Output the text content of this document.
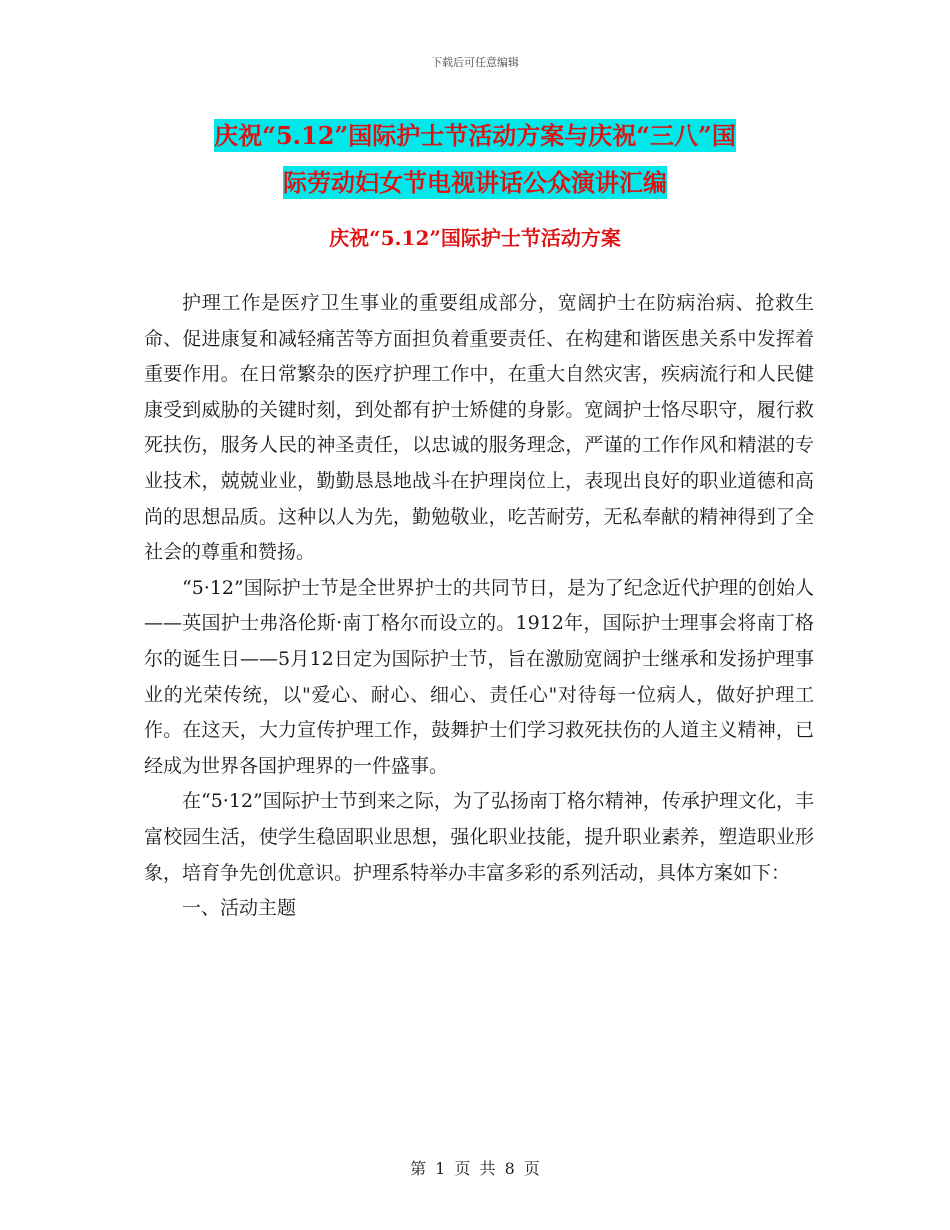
下载后可任意编辑
庆祝“5.12”国际护士节活动方案与庆祝“三八”国
际劳动妇女节电视讲话公众演讲汇编
庆祝“5.12”国际护士节活动方案

护理工作是医疗卫生事业的重要组成部分，宽阔护士在防病治病、抢救生命、促进康复和减轻痛苦等方面担负着重要责任、在构建和谐医患关系中发挥着重要作用。在日常繁杂的医疗护理工作中，在重大自然灾害，疾病流行和人民健康受到威胁的关键时刻，到处都有护士矫健的身影。宽阔护士恪尽职守，履行救死扶伤，服务人民的神圣责任，以忠诚的服务理念，严谨的工作作风和精湛的专业技术，兢兢业业，勤勤恳恳地战斗在护理岗位上，表现出良好的职业道德和高尚的思想品质。这种以人为先，勤勉敬业，吃苦耐劳，无私奉献的精神得到了全社会的尊重和赞扬。

“5·12”国际护士节是全世界护士的共同节日，是为了纪念近代护理的创始人——英国护士弗洛伦斯·南丁格尔而设立的。1912年，国际护士理事会将南丁格尔的诞生日——5月12日定为国际护士节，旨在激励宽阔护士继承和发扬护理事业的光荣传统，以"爱心、耐心、细心、责任心"对待每一位病人，做好护理工作。在这天，大力宣传护理工作，鼓舞护士们学习救死扶伤的人道主义精神，已经成为世界各国护理界的一件盛事。

在“5·12”国际护士节到来之际，为了弘扬南丁格尔精神，传承护理文化，丰富校园生活，使学生稳固职业思想，强化职业技能，提升职业素养，塑造职业形象，培育争先创优意识。护理系特举办丰富多彩的系列活动，具体方案如下：

一、活动主题

第 1 页 共 8 页
